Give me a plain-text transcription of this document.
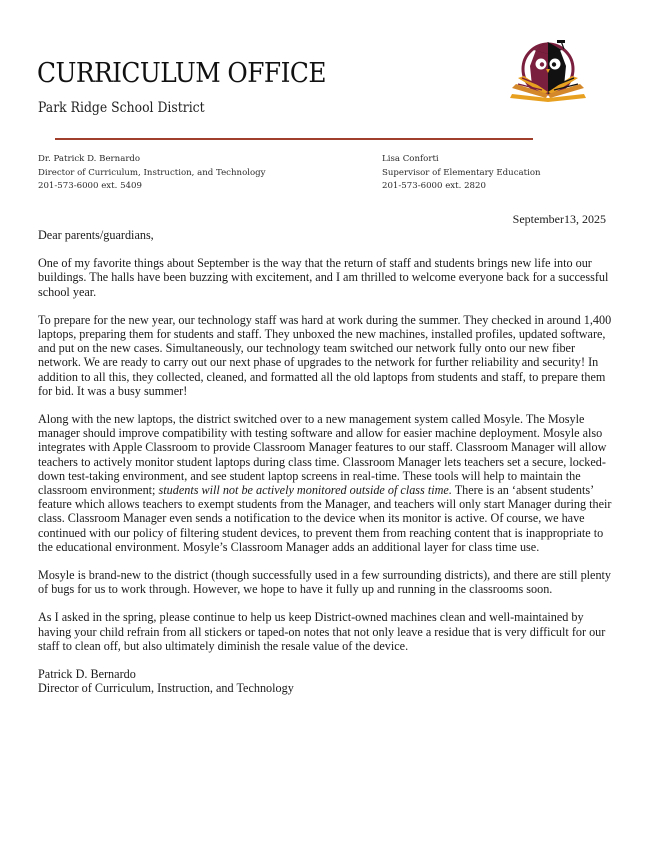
CURRICULUM OFFICE
Park Ridge School District
Dr. Patrick D. Bernardo
Director of Curriculum, Instruction, and Technology
201-573-6000 ext. 5409
Lisa Conforti
Supervisor of Elementary Education
201-573-6000 ext. 2820
September13, 2025

Dear parents/guardians,

One of my favorite things about September is the way that the return of staff and students brings new life into our buildings. The halls have been buzzing with excitement, and I am thrilled to welcome everyone back for a successful school year.

To prepare for the new year, our technology staff was hard at work during the summer. They checked in around 1,400 laptops, preparing them for students and staff. They unboxed the new machines, installed profiles, updated software, and put on the new cases. Simultaneously, our technology team switched our network fully onto our new fiber network. We are ready to carry out our next phase of upgrades to the network for further reliability and security! In addition to all this, they collected, cleaned, and formatted all the old laptops from students and staff, to prepare them for bid. It was a busy summer!

Along with the new laptops, the district switched over to a new management system called Mosyle. The Mosyle manager should improve compatibility with testing software and allow for easier machine deployment. Mosyle also integrates with Apple Classroom to provide Classroom Manager features to our staff. Classroom Manager will allow teachers to actively monitor student laptops during class time. Classroom Manager lets teachers set a secure, locked-down test-taking environment, and see student laptop screens in real-time. These tools will help to maintain the classroom environment; students will not be actively monitored outside of class time. There is an ‘absent students’ feature which allows teachers to exempt students from the Manager, and teachers will only start Manager during their class. Classroom Manager even sends a notification to the device when its monitor is active. Of course, we have continued with our policy of filtering student devices, to prevent them from reaching content that is inappropriate to the educational environment. Mosyle’s Classroom Manager adds an additional layer for class time use.

Mosyle is brand-new to the district (though successfully used in a few surrounding districts), and there are still plenty of bugs for us to work through. However, we hope to have it fully up and running in the classrooms soon.

As I asked in the spring, please continue to help us keep District-owned machines clean and well-maintained by having your child refrain from all stickers or taped-on notes that not only leave a residue that is very difficult for our staff to clean off, but also ultimately diminish the resale value of the device.

Patrick D. Bernardo
Director of Curriculum, Instruction, and Technology
